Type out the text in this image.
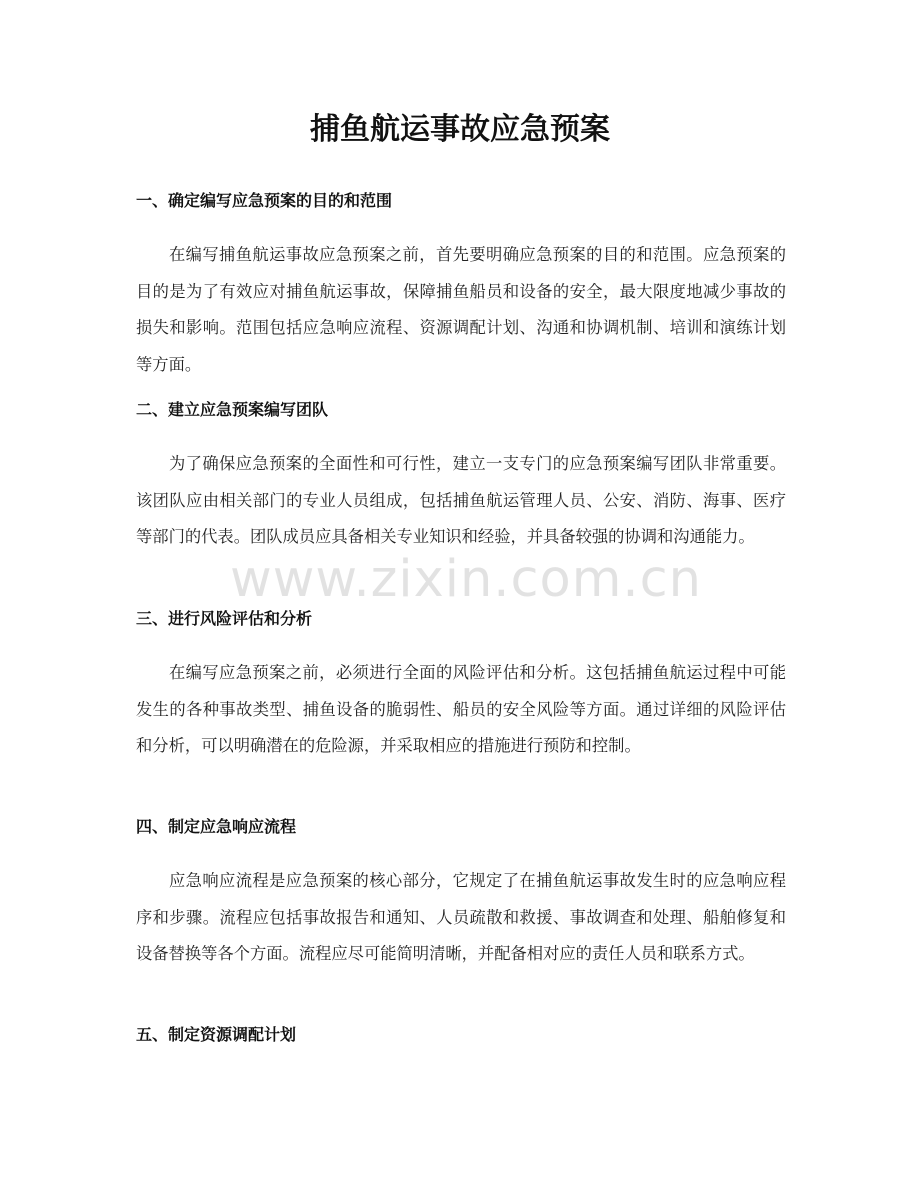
捕鱼航运事故应急预案
一、确定编写应急预案的目的和范围

在编写捕鱼航运事故应急预案之前，首先要明确应急预案的目的和范围。应急预案的目的是为了有效应对捕鱼航运事故，保障捕鱼船员和设备的安全，最大限度地减少事故的损失和影响。范围包括应急响应流程、资源调配计划、沟通和协调机制、培训和演练计划等方面。

二、建立应急预案编写团队

为了确保应急预案的全面性和可行性，建立一支专门的应急预案编写团队非常重要。该团队应由相关部门的专业人员组成，包括捕鱼航运管理人员、公安、消防、海事、医疗等部门的代表。团队成员应具备相关专业知识和经验，并具备较强的协调和沟通能力。

三、进行风险评估和分析

在编写应急预案之前，必须进行全面的风险评估和分析。这包括捕鱼航运过程中可能发生的各种事故类型、捕鱼设备的脆弱性、船员的安全风险等方面。通过详细的风险评估和分析，可以明确潜在的危险源，并采取相应的措施进行预防和控制。

四、制定应急响应流程

应急响应流程是应急预案的核心部分，它规定了在捕鱼航运事故发生时的应急响应程序和步骤。流程应包括事故报告和通知、人员疏散和救援、事故调查和处理、船舶修复和设备替换等各个方面。流程应尽可能简明清晰，并配备相对应的责任人员和联系方式。

五、制定资源调配计划
www.zixin.com.cn
